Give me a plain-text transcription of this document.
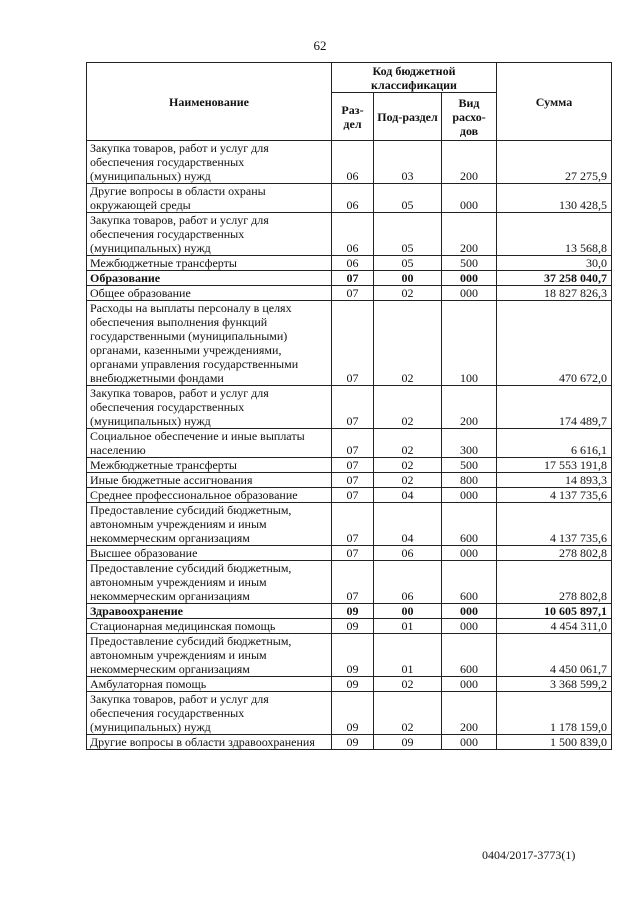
62
Наименование	Код бюджетной классификации			Сумма
	Раз-дел	Под-раздел	Вид расхо-дов	
Закупка товаров, работ и услуг для обеспечения государственных (муниципальных) нужд	06	03	200	27 275,9
Другие вопросы в области охраны окружающей среды	06	05	000	130 428,5
Закупка товаров, работ и услуг для обеспечения государственных (муниципальных) нужд	06	05	200	13 568,8
Межбюджетные трансферты	06	05	500	30,0
Образование	07	00	000	37 258 040,7
Общее образование	07	02	000	18 827 826,3
Расходы на выплаты персоналу в целях обеспечения выполнения функций государственными (муниципальными) органами, казенными учреждениями, органами управления государственными внебюджетными фондами	07	02	100	470 672,0
Закупка товаров, работ и услуг для обеспечения государственных (муниципальных) нужд	07	02	200	174 489,7
Социальное обеспечение и иные выплаты населению	07	02	300	6 616,1
Межбюджетные трансферты	07	02	500	17 553 191,8
Иные бюджетные ассигнования	07	02	800	14 893,3
Среднее профессиональное образование	07	04	000	4 137 735,6
Предоставление субсидий бюджетным, автономным учреждениям и иным некоммерческим организациям	07	04	600	4 137 735,6
Высшее образование	07	06	000	278 802,8
Предоставление субсидий бюджетным, автономным учреждениям и иным некоммерческим организациям	07	06	600	278 802,8
Здравоохранение	09	00	000	10 605 897,1
Стационарная медицинская помощь	09	01	000	4 454 311,0
Предоставление субсидий бюджетным, автономным учреждениям и иным некоммерческим организациям	09	01	600	4 450 061,7
Амбулаторная помощь	09	02	000	3 368 599,2
Закупка товаров, работ и услуг для обеспечения государственных (муниципальных) нужд	09	02	200	1 178 159,0
Другие вопросы в области здравоохранения	09	09	000	1 500 839,0
0404/2017-3773(1)
